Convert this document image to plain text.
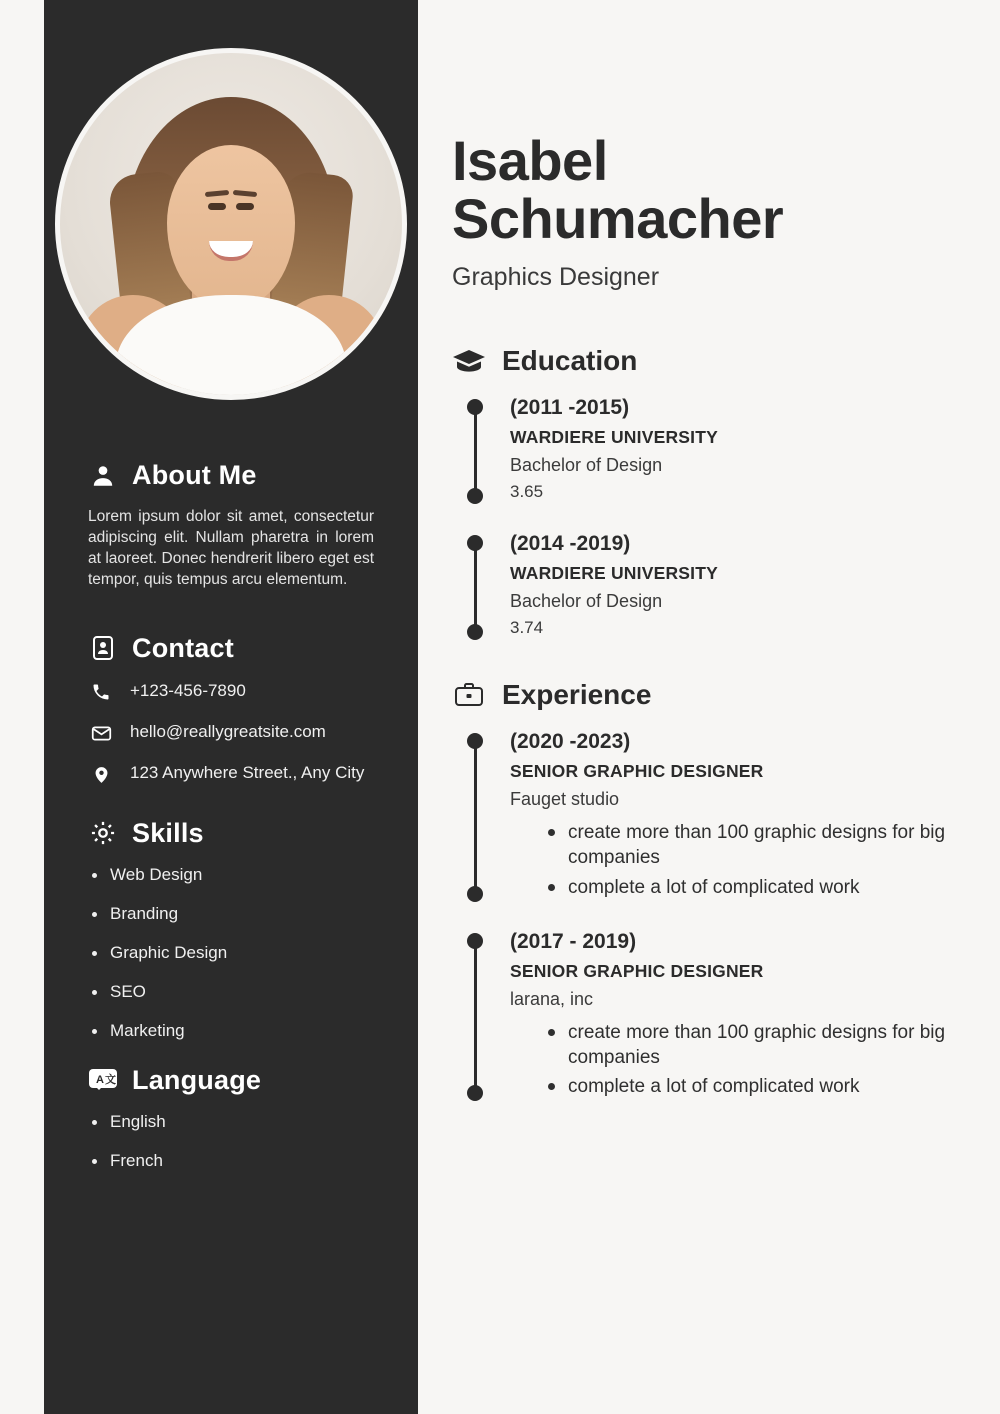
About Me

Lorem ipsum dolor sit amet, consectetur adipiscing elit. Nullam pharetra in lorem at laoreet. Donec hendrerit libero eget est tempor, quis tempus arcu elementum.

Contact
+123-456-7890
hello@reallygreatsite.com
123 Anywhere Street., Any City
Skills
Web Design
Branding
Graphic Design
SEO
Marketing
A 文 Language
English
French
Isabel
Schumacher
Graphics Designer
Education
(2011 -2015)
WARDIERE UNIVERSITY
Bachelor of Design
3.65
(2014 -2019)
WARDIERE UNIVERSITY
Bachelor of Design
3.74
Experience
(2020 -2023)
SENIOR GRAPHIC DESIGNER
Fauget studio
create more than 100 graphic designs for big companies
complete a lot of complicated work
(2017 - 2019)
SENIOR GRAPHIC DESIGNER
larana, inc
create more than 100 graphic designs for big companies
complete a lot of complicated work
